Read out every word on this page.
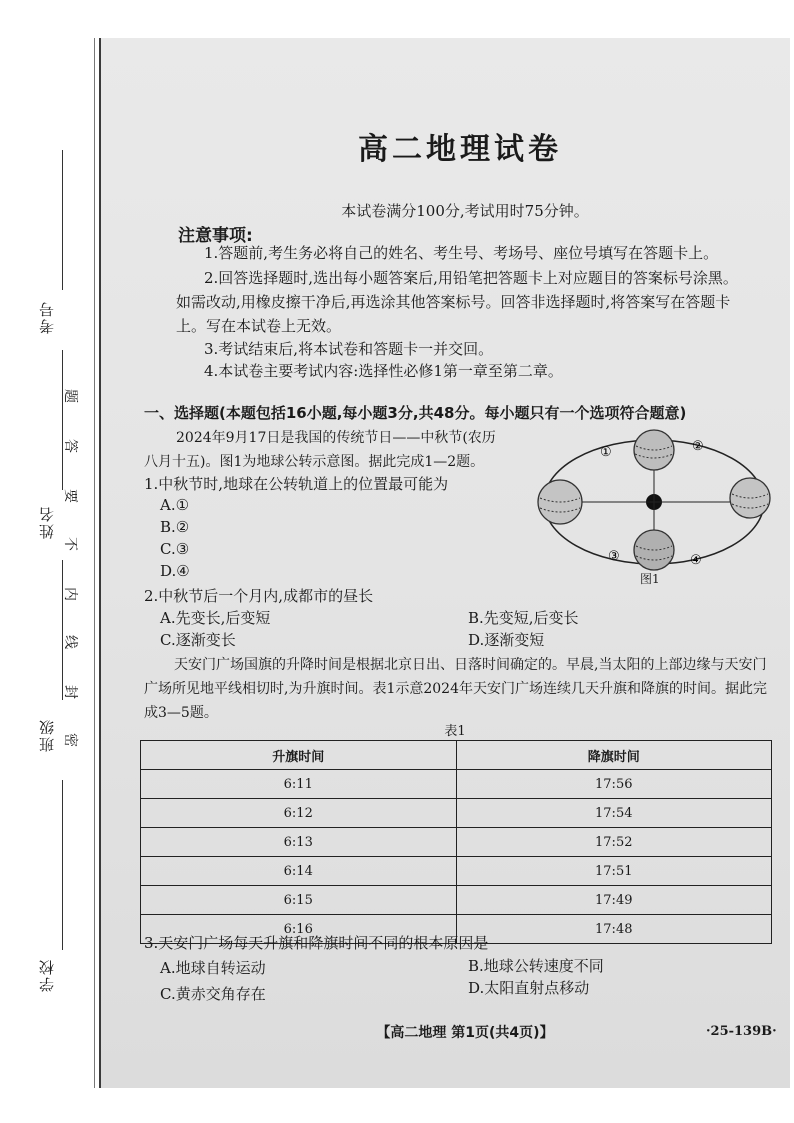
考号
姓名
班级
学校
密
封
线
内
不
要
答
题
高二地理试卷
本试卷满分100分,考试用时75分钟。
注意事项:
1.答题前,考生务必将自己的姓名、考生号、考场号、座位号填写在答题卡上。
2.回答选择题时,选出每小题答案后,用铅笔把答题卡上对应题目的答案标号涂黑。如需改动,用橡皮擦干净后,再选涂其他答案标号。回答非选择题时,将答案写在答题卡上。写在本试卷上无效。
3.考试结束后,将本试卷和答题卡一并交回。
4.本试卷主要考试内容:选择性必修1第一章至第二章。
一、选择题(本题包括16小题,每小题3分,共48分。每小题只有一个选项符合题意)
2024年9月17日是我国的传统节日——中秋节(农历
八月十五)。图1为地球公转示意图。据此完成1—2题。
1.中秋节时,地球在公转轨道上的位置最可能为
A.①
B.②
C.③
D.④
①	②
③	④
图1
2.中秋节后一个月内,成都市的昼长
A.先变长,后变短	B.先变短,后变长
C.逐渐变长	D.逐渐变短
天安门广场国旗的升降时间是根据北京日出、日落时间确定的。早晨,当太阳的上部边缘与天安门广场所见地平线相切时,为升旗时间。表1示意2024年天安门广场连续几天升旗和降旗的时间。据此完成3—5题。
表1
升旗时间	降旗时间
6:11	17:56
6:12	17:54
6:13	17:52
6:14	17:51
6:15	17:49
6:16	17:48
3.天安门广场每天升旗和降旗时间不同的根本原因是
A.地球自转运动	B.地球公转速度不同
C.黄赤交角存在	D.太阳直射点移动
【高二地理 第1页(共4页)】	·25-139B·
